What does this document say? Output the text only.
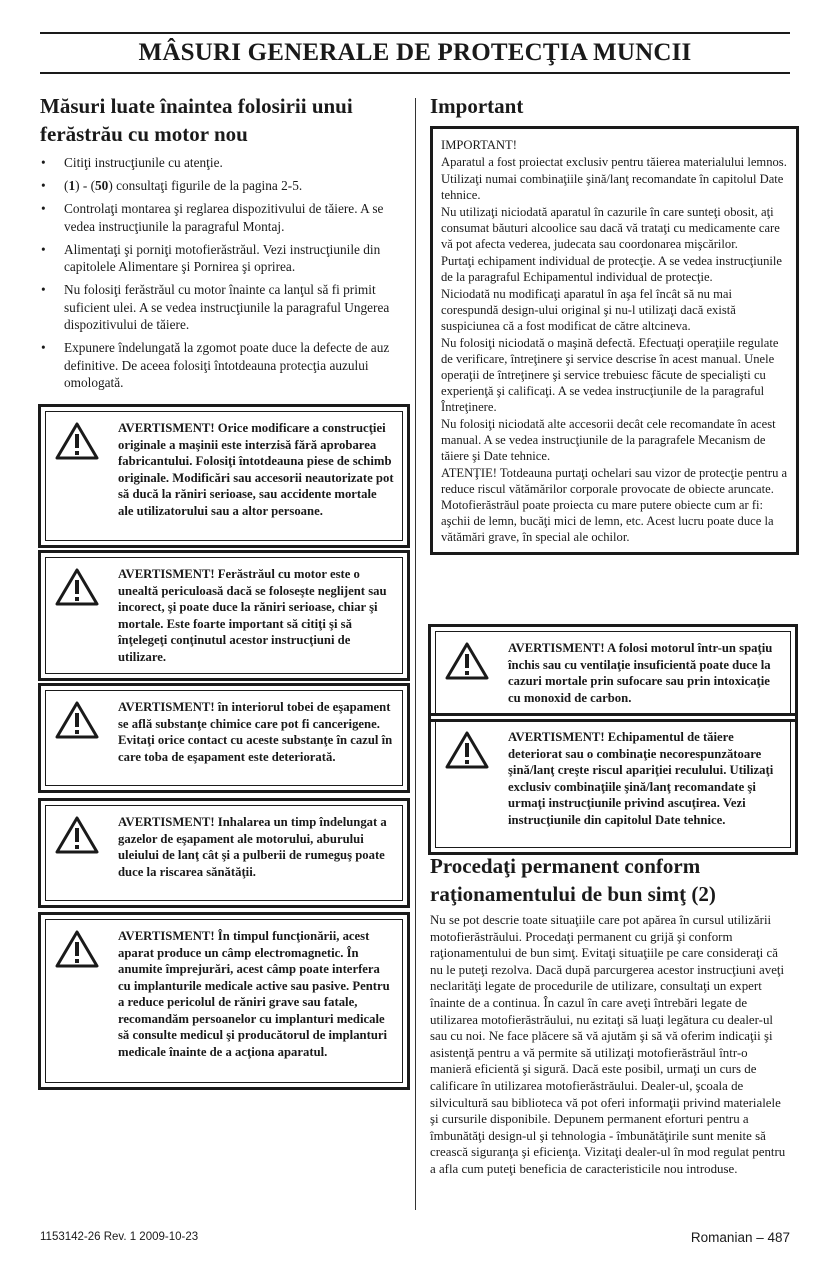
MÂSURI GENERALE DE PROTECŢIA MUNCII
Măsuri luate înaintea folosirii unui ferăstrău cu motor nou
• Citiţi instrucţiunile cu atenţie.
• (1) - (50) consultaţi figurile de la pagina 2-5.
• Controlaţi montarea şi reglarea dispozitivului de tăiere. A se vedea instrucţiunile la paragraful Montaj.
• Alimentaţi şi porniţi motofierăstrăul. Vezi instrucţiunile din capitolele Alimentare şi Pornirea şi oprirea.
• Nu folosiţi ferăstrăul cu motor înainte ca lanţul să fi primit suficient ulei. A se vedea instrucţiunile la paragraful Ungerea dispozitivului de tăiere.
• Expunere îndelungată la zgomot poate duce la defecte de auz definitive. De aceea folosiţi întotdeauna protecţia auzului omologată.
AVERTISMENT! Orice modificare a construcţiei originale a maşinii este interzisă fără aprobarea fabricantului. Folosiţi întotdeauna piese de schimb originale. Modificări sau accesorii neautorizate pot să ducă la răniri serioase, sau accidente mortale ale utilizatorului sau a altor persoane.
AVERTISMENT! Ferăstrăul cu motor este o unealtă periculoasă dacă se foloseşte neglijent sau incorect, şi poate duce la răniri serioase, chiar şi mortale. Este foarte important să citiţi şi să înţelegeţi conţinutul acestor instrucţiuni de utilizare.
AVERTISMENT! în interiorul tobei de eşapament se află substanţe chimice care pot fi cancerigene. Evitaţi orice contact cu aceste substanţe în cazul în care toba de eşapament este deteriorată.
AVERTISMENT! Inhalarea un timp îndelungat a gazelor de eşapament ale motorului, aburului uleiului de lanţ cât şi a pulberii de rumeguş poate duce la riscarea sănătăţii.
AVERTISMENT! În timpul funcţionării, acest aparat produce un câmp electromagnetic. În anumite împrejurări, acest câmp poate interfera cu implanturile medicale active sau pasive. Pentru a reduce pericolul de răniri grave sau fatale, recomandăm persoanelor cu implanturi medicale să consulte medicul şi producătorul de implanturi medicale înainte de a acţiona aparatul.
Important

IMPORTANT!

Aparatul a fost proiectat exclusiv pentru tăierea materialului lemnos.

Utilizaţi numai combinaţiile şină/lanţ recomandate în capitolul Date tehnice.

Nu utilizaţi niciodată aparatul în cazurile în care sunteţi obosit, aţi consumat băuturi alcoolice sau dacă vă trataţi cu medicamente care vă pot afecta vederea, judecata sau coordonarea mişcărilor.

Purtaţi echipament individual de protecţie. A se vedea instrucţiunile de la paragraful Echipamentul individual de protecţie.

Niciodată nu modificaţi aparatul în aşa fel încât să nu mai corespundă design-ului original şi nu-l utilizaţi dacă există suspiciunea că a fost modificat de către altcineva.

Nu folosiţi niciodată o maşină defectă. Efectuaţi operaţiile regulate de verificare, întreţinere şi service descrise în acest manual. Unele operaţii de întreţinere şi service trebuiesc făcute de specialişti cu experienţă şi calificaţi. A se vedea instrucţiunile de la paragraful Întreţinere.

Nu folosiţi niciodată alte accesorii decât cele recomandate în acest manual. A se vedea instrucţiunile de la paragrafele Mecanism de tăiere şi Date tehnice.

ATENŢIE! Totdeauna purtaţi ochelari sau vizor de protecţie pentru a reduce riscul vătămărilor corporale provocate de obiecte aruncate. Motofierăstrăul poate proiecta cu mare putere obiecte cum ar fi: aşchii de lemn, bucăţi mici de lemn, etc. Acest lucru poate duce la vătămări grave, în special ale ochilor.

AVERTISMENT! A folosi motorul într-un spaţiu închis sau cu ventilaţie insuficientă poate duce la cazuri mortale prin sufocare sau prin intoxicaţie cu monoxid de carbon.
AVERTISMENT! Echipamentul de tăiere deteriorat sau o combinaţie necorespunzătoare şină/lanţ creşte riscul apariţiei reculului. Utilizaţi exclusiv combinaţiile şină/lanţ recomandate şi urmaţi instrucţiunile privind ascuţirea. Vezi instrucţiunile din capitolul Date tehnice.
Procedaţi permanent conform raţionamentului de bun simţ (2)

Nu se pot descrie toate situaţiile care pot apărea în cursul utilizării motofierăstrăului. Procedaţi permanent cu grijă şi conform raţionamentului de bun simţ. Evitaţi situaţiile pe care consideraţi că nu le puteţi rezolva. Dacă după parcurgerea acestor instrucţiuni aveţi neclarităţi legate de procedurile de utilizare, consultaţi un expert înainte de a continua. În cazul în care aveţi întrebări legate de utilizarea motofierăstrăului, nu ezitaţi să luaţi legătura cu dealer-ul sau cu noi. Ne face plăcere să vă ajutăm şi să vă oferim indicaţii şi asistenţă pentru a vă permite să utilizaţi motofierăstrăul într-o manieră eficientă şi sigură. Dacă este posibil, urmaţi un curs de calificare în utilizarea motofierăstrăului. Dealer-ul, şcoala de silvicultură sau biblioteca vă pot oferi informaţii privind materialele şi cursurile disponibile. Depunem permanent eforturi pentru a îmbunătăţi design-ul şi tehnologia - îmbunătăţirile sunt menite să crească siguranţa şi eficienţa. Vizitaţi dealer-ul în mod regulat pentru a afla cum puteţi beneficia de caracteristicile nou introduse.

1153142-26 Rev. 1 2009-10-23	Romanian – 487
